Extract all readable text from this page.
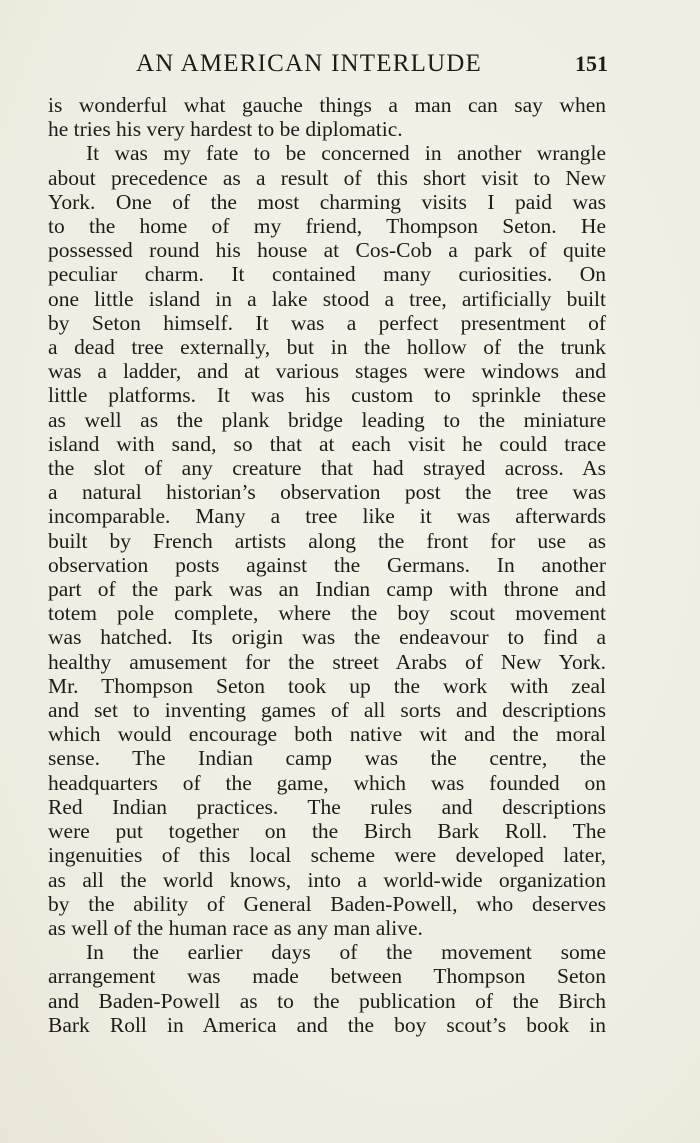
AN AMERICAN INTERLUDE	151
is wonderful what gauche things a man can say when
he tries his very hardest to be diplomatic.
It was my fate to be concerned in another wrangle
about precedence as a result of this short visit to New
York. One of the most charming visits I paid was
to the home of my friend, Thompson Seton. He
possessed round his house at Cos-Cob a park of quite
peculiar charm. It contained many curiosities. On
one little island in a lake stood a tree, artificially built
by Seton himself. It was a perfect presentment of
a dead tree externally, but in the hollow of the trunk
was a ladder, and at various stages were windows and
little platforms. It was his custom to sprinkle these
as well as the plank bridge leading to the miniature
island with sand, so that at each visit he could trace
the slot of any creature that had strayed across. As
a natural historian’s observation post the tree was
incomparable. Many a tree like it was afterwards
built by French artists along the front for use as
observation posts against the Germans. In another
part of the park was an Indian camp with throne and
totem pole complete, where the boy scout movement
was hatched. Its origin was the endeavour to find a
healthy amusement for the street Arabs of New York.
Mr. Thompson Seton took up the work with zeal
and set to inventing games of all sorts and descriptions
which would encourage both native wit and the moral
sense. The Indian camp was the centre, the
headquarters of the game, which was founded on
Red Indian practices. The rules and descriptions
were put together on the Birch Bark Roll. The
ingenuities of this local scheme were developed later,
as all the world knows, into a world-wide organization
by the ability of General Baden-Powell, who deserves
as well of the human race as any man alive.
In the earlier days of the movement some
arrangement was made between Thompson Seton
and Baden-Powell as to the publication of the Birch
Bark Roll in America and the boy scout’s book in
